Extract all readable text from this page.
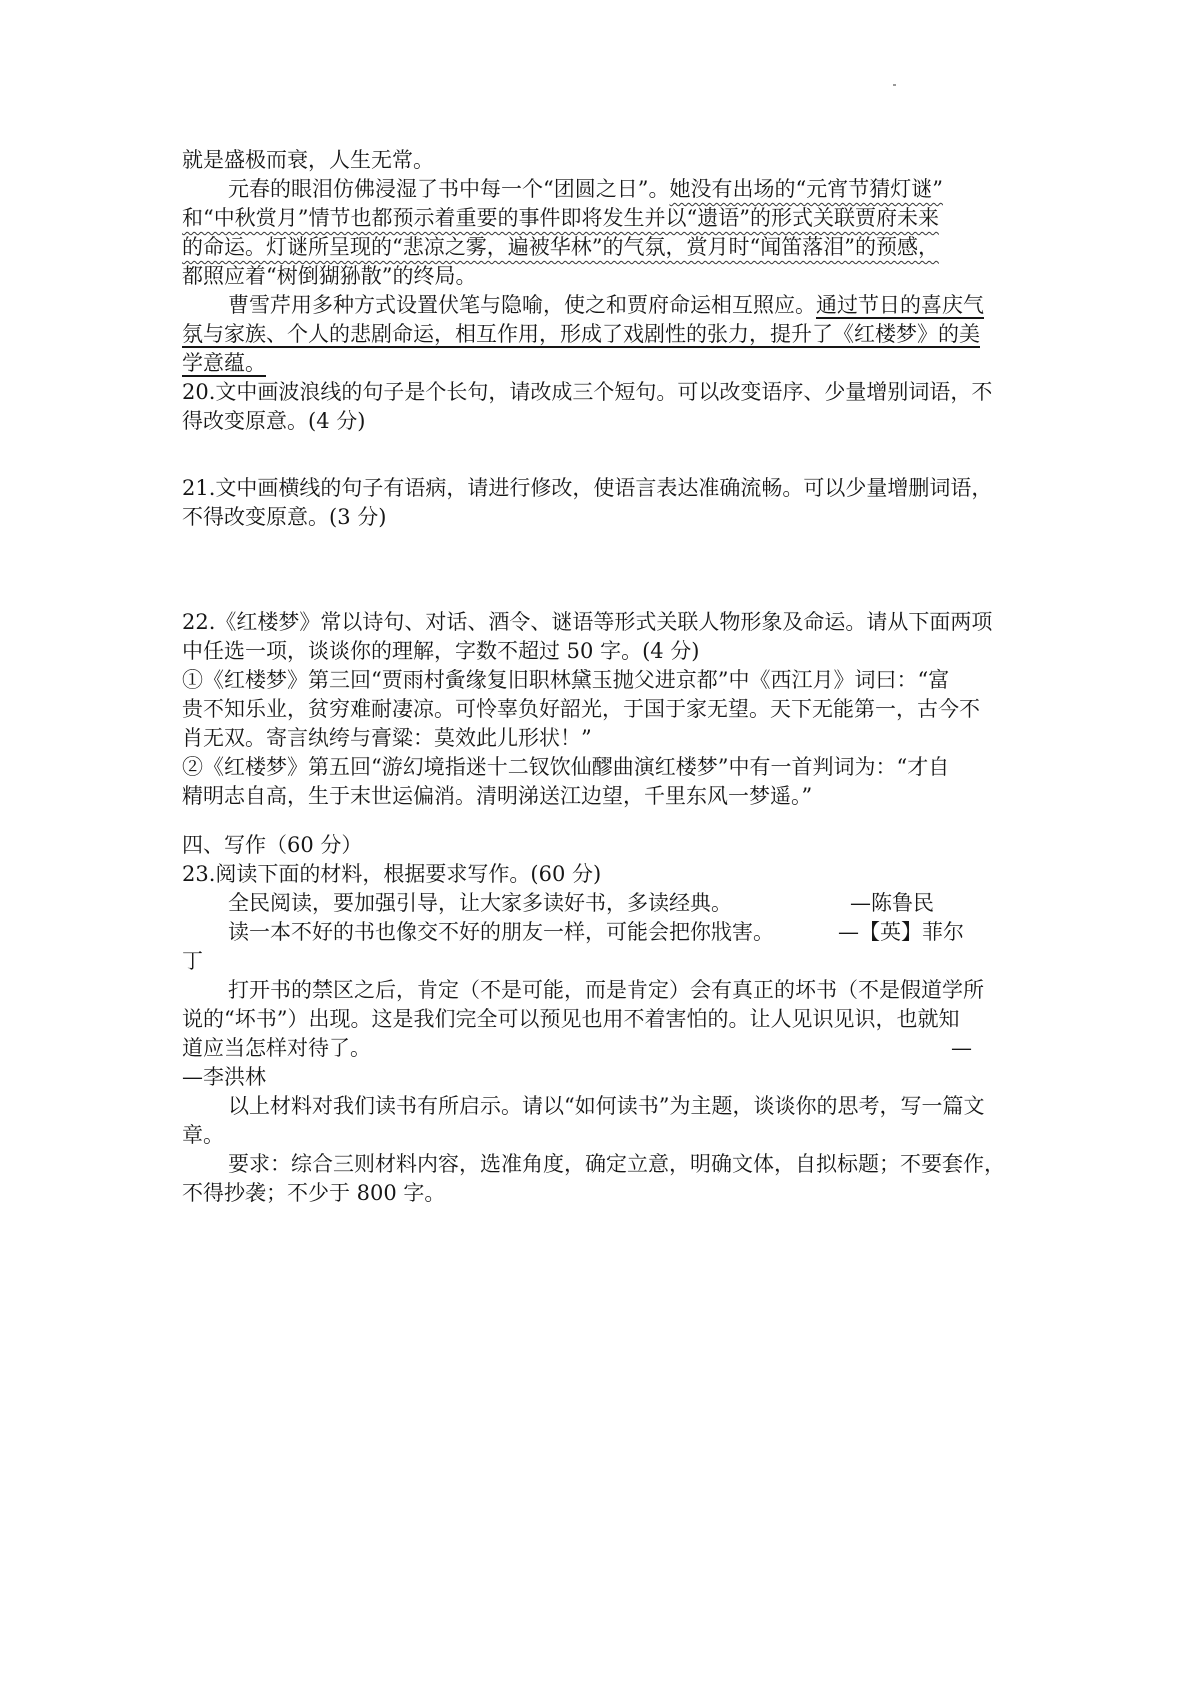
就是盛极而衰，人生无常。
元春的眼泪仿佛浸湿了书中每一个“团圆之日”。她没有出场的“元宵节猜灯谜”
和“中秋赏月”情节也都预示着重要的事件即将发生并以“遗语”的形式关联贾府未来
的命运。灯谜所呈现的“悲凉之雾，遍被华林”的气氛，赏月时“闻笛落泪”的预感，
都照应着“树倒猢狲散”的终局。
曹雪芹用多种方式设置伏笔与隐喻，使之和贾府命运相互照应。通过节日的喜庆气
氛与家族、个人的悲剧命运，相互作用，形成了戏剧性的张力，提升了《红楼梦》的美
学意蕴。
20.文中画波浪线的句子是个长句，请改成三个短句。可以改变语序、少量增别词语，不
得改变原意。(4 分)
21.文中画横线的句子有语病，请进行修改，使语言表达准确流畅。可以少量增删词语，
不得改变原意。(3 分)
22.《红楼梦》常以诗句、对话、酒令、谜语等形式关联人物形象及命运。请从下面两项
中任选一项，谈谈你的理解，字数不超过 50 字。(4 分)
①《红楼梦》第三回“贾雨村夤缘复旧职林黛玉抛父进京都”中《西江月》词曰：“富
贵不知乐业，贫穷难耐凄凉。可怜辜负好韶光，于国于家无望。天下无能第一，古今不
肖无双。寄言纨绔与膏粱：莫效此儿形状！”
②《红楼梦》第五回“游幻境指迷十二钗饮仙醪曲演红楼梦”中有一首判词为：“才自
精明志自高，生于末世运偏消。清明涕送江边望，千里东风一梦遥。”
四、写作（60 分）
23.阅读下面的材料，根据要求写作。(60 分)
全民阅读，要加强引导，让大家多读好书，多读经典。	—陈鲁民
读一本不好的书也像交不好的朋友一样，可能会把你戕害。	—【英】菲尔
丁
打开书的禁区之后，肯定（不是可能，而是肯定）会有真正的坏书（不是假道学所
说的“坏书”）出现。这是我们完全可以预见也用不着害怕的。让人见识见识，也就知
道应当怎样对待了。	—
—李洪林
以上材料对我们读书有所启示。请以“如何读书”为主题，谈谈你的思考，写一篇文
章。
要求：综合三则材料内容，选准角度，确定立意，明确文体，自拟标题；不要套作，
不得抄袭；不少于 800 字。
